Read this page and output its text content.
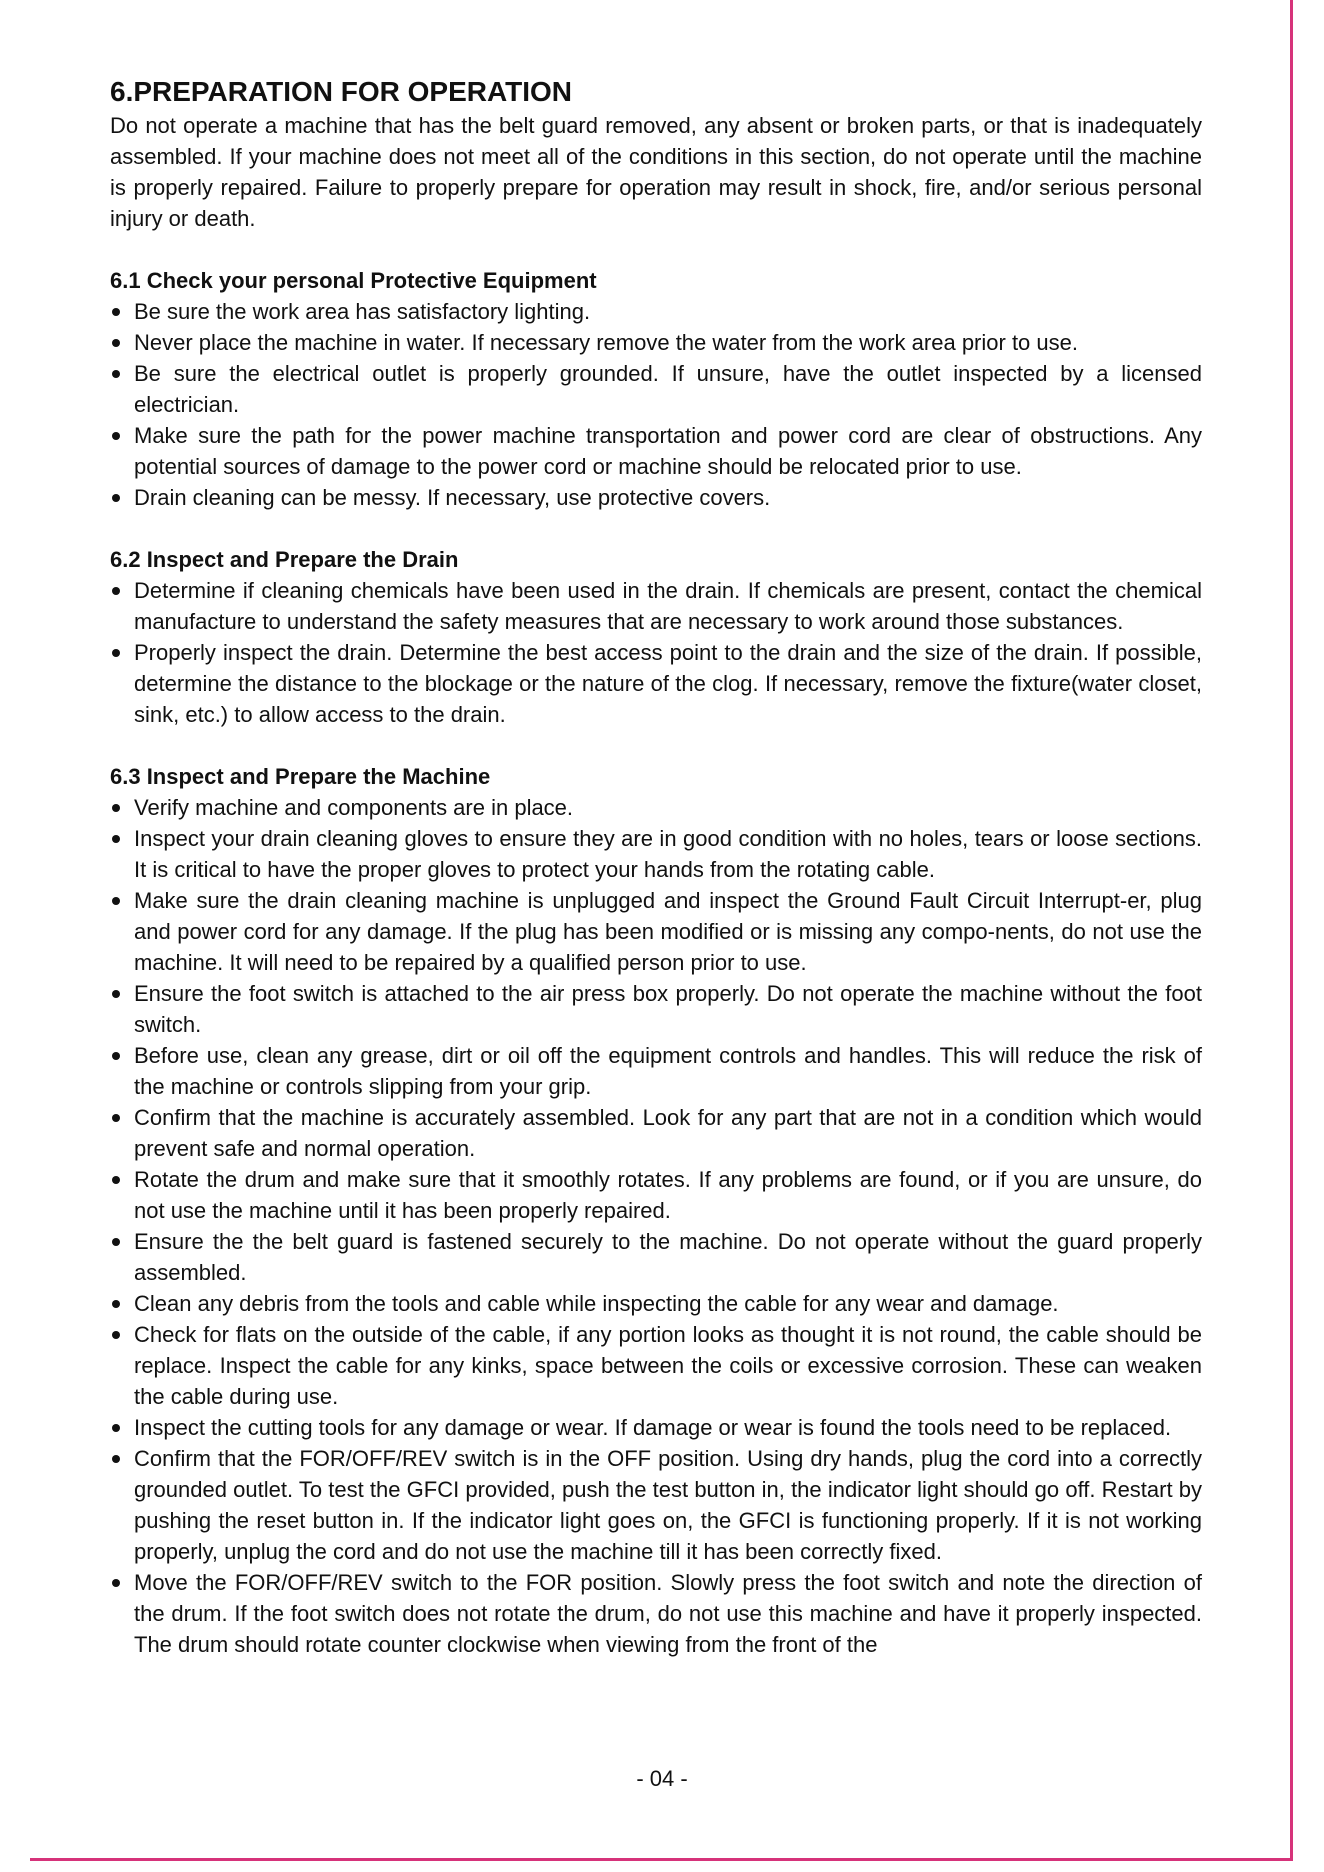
6.PREPARATION FOR OPERATION

Do not operate a machine that has the belt guard removed, any absent or broken parts, or that is inadequately assembled. If your machine does not meet all of the conditions in this section, do not operate until the machine is properly repaired. Failure to properly prepare for operation may result in shock, fire, and/or serious personal injury or death.

6.1 Check your personal Protective Equipment
Be sure the work area has satisfactory lighting.
Never place the machine in water. If necessary remove the water from the work area prior to use.
Be sure the electrical outlet is properly grounded. If unsure, have the outlet inspected by a licensed electrician.
Make sure the path for the power machine transportation and power cord are clear of obstructions. Any potential sources of damage to the power cord or machine should be relocated prior to use.
Drain cleaning can be messy. If necessary, use protective covers.
6.2 Inspect and Prepare the Drain
Determine if cleaning chemicals have been used in the drain. If chemicals are present, contact the chemical manufacture to understand the safety measures that are necessary to work around those substances.
Properly inspect the drain. Determine the best access point to the drain and the size of the drain. If possible, determine the distance to the blockage or the nature of the clog. If necessary, remove the fixture(water closet, sink, etc.) to allow access to the drain.
6.3 Inspect and Prepare the Machine
Verify machine and components are in place.
Inspect your drain cleaning gloves to ensure they are in good condition with no holes, tears or loose sections. It is critical to have the proper gloves to protect your hands from the rotating cable.
Make sure the drain cleaning machine is unplugged and inspect the Ground Fault Circuit Interrupt-er, plug and power cord for any damage. If the plug has been modified or is missing any compo-nents, do not use the machine. It will need to be repaired by a qualified person prior to use.
Ensure the foot switch is attached to the air press box properly. Do not operate the machine without the foot switch.
Before use, clean any grease, dirt or oil off the equipment controls and handles. This will reduce the risk of the machine or controls slipping from your grip.
Confirm that the machine is accurately assembled. Look for any part that are not in a condition which would prevent safe and normal operation.
Rotate the drum and make sure that it smoothly rotates. If any problems are found, or if you are unsure, do not use the machine until it has been properly repaired.
Ensure the the belt guard is fastened securely to the machine. Do not operate without the guard properly assembled.
Clean any debris from the tools and cable while inspecting the cable for any wear and damage.
Check for flats on the outside of the cable, if any portion looks as thought it is not round, the cable should be replace. Inspect the cable for any kinks, space between the coils or excessive corrosion. These can weaken the cable during use.
Inspect the cutting tools for any damage or wear. If damage or wear is found the tools need to be replaced.
Confirm that the FOR/OFF/REV switch is in the OFF position. Using dry hands, plug the cord into a correctly grounded outlet. To test the GFCI provided, push the test button in, the indicator light should go off. Restart by pushing the reset button in. If the indicator light goes on, the GFCI is functioning properly. If it is not working properly, unplug the cord and do not use the machine till it has been correctly fixed.
Move the FOR/OFF/REV switch to the FOR position. Slowly press the foot switch and note the direction of the drum. If the foot switch does not rotate the drum, do not use this machine and have it properly inspected. The drum should rotate counter clockwise when viewing from the front of the
- 04 -
